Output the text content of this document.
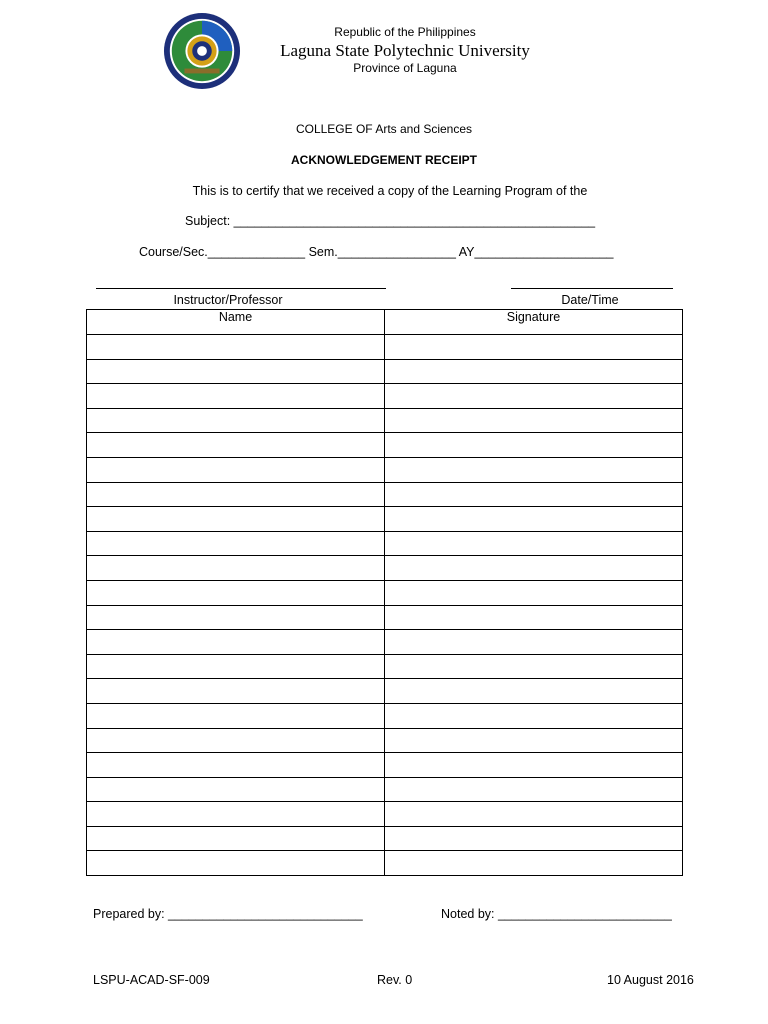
Republic of the Philippines
Laguna State Polytechnic University
Province of Laguna
COLLEGE OF Arts and Sciences
ACKNOWLEDGEMENT RECEIPT
This is to certify that we received a copy of the Learning Program of the
Subject: ____________________________________________________
Course/Sec.______________ Sem._________________ AY____________________
Instructor/Professor	Date/Time
Name	Signature

Prepared by: ____________________________	Noted by: _________________________
LSPU-ACAD-SF-009	Rev. 0	10 August 2016
